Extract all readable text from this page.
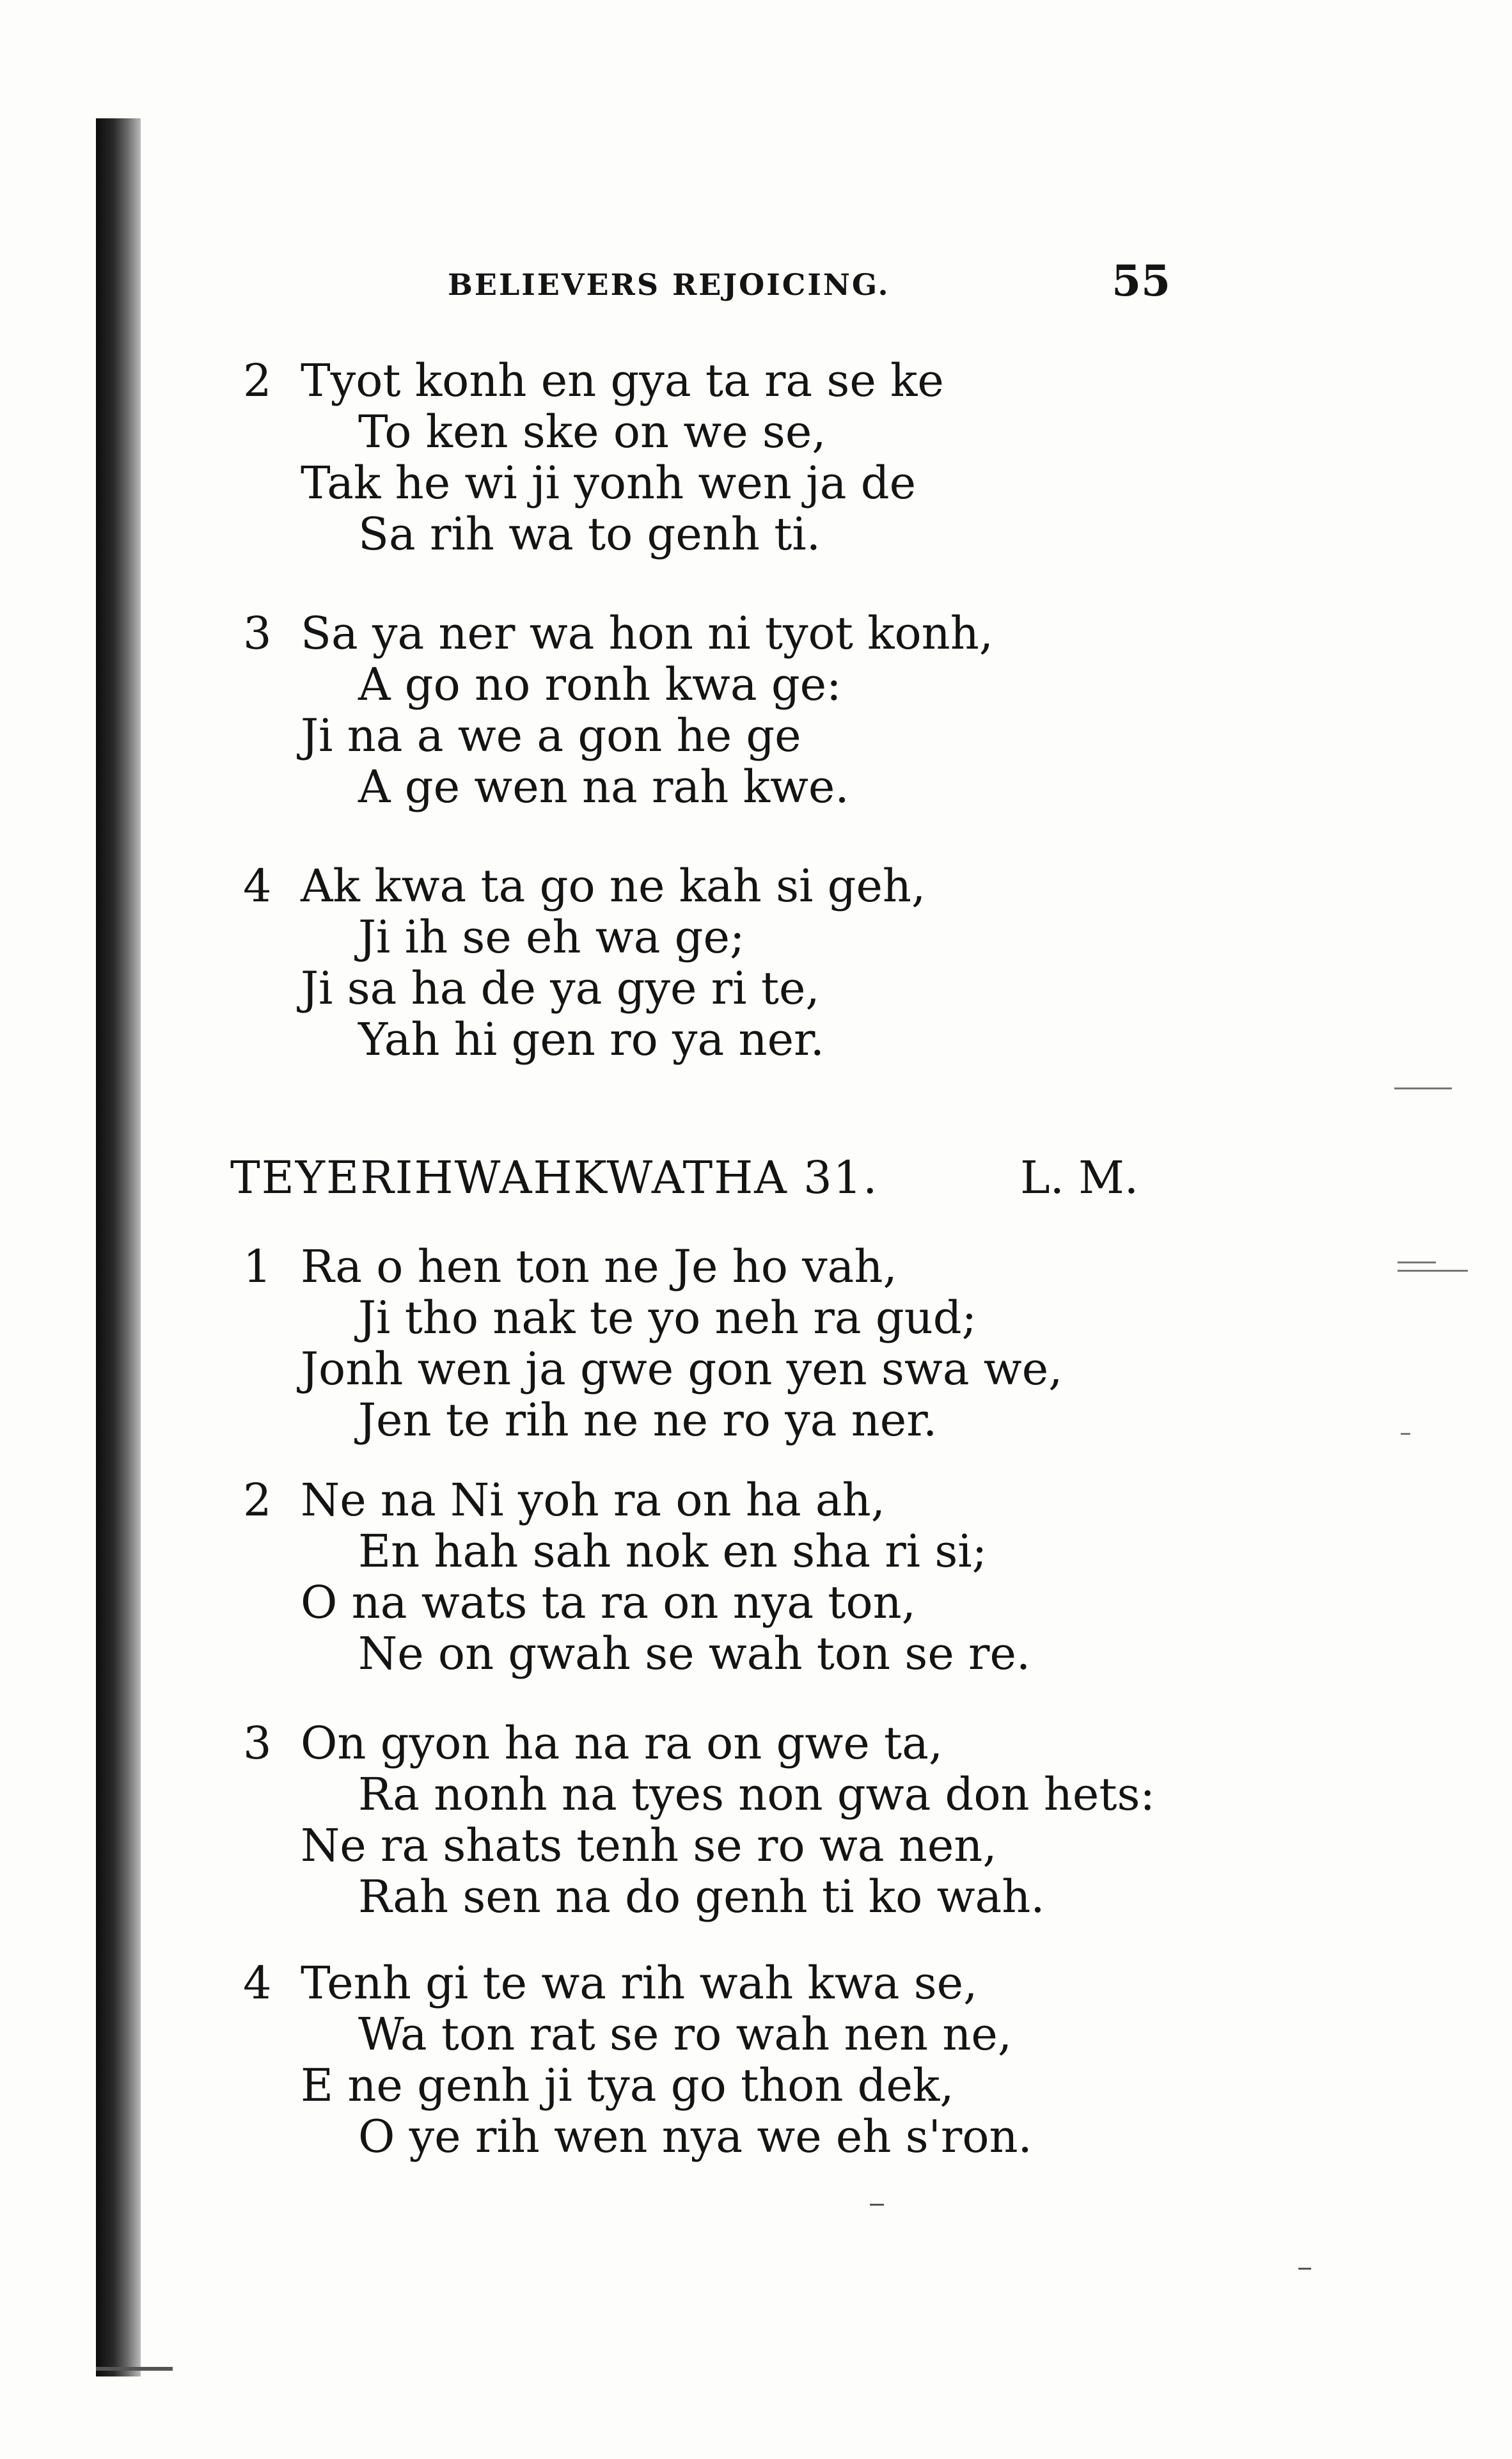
BELIEVERS REJOICING.	55
2 Tyot konh en gya ta ra se ke
To ken ske on we se,
Tak he wi ji yonh wen ja de
Sa rih wa to genh ti.
3 Sa ya ner wa hon ni tyot konh,
A go no ronh kwa ge:
Ji na a we a gon he ge
A ge wen na rah kwe.
4 Ak kwa ta go ne kah si geh,
Ji ih se eh wa ge;
Ji sa ha de ya gye ri te,
Yah hi gen ro ya ner.
TEYERIHWAHKWATHA 31.	L. M.
1 Ra o hen ton ne Je ho vah,
Ji tho nak te yo neh ra gud;
Jonh wen ja gwe gon yen swa we,
Jen te rih ne ne ro ya ner.
2 Ne na Ni yoh ra on ha ah,
En hah sah nok en sha ri si;
O na wats ta ra on nya ton,
Ne on gwah se wah ton se re.
3 On gyon ha na ra on gwe ta,
Ra nonh na tyes non gwa don hets:
Ne ra shats tenh se ro wa nen,
Rah sen na do genh ti ko wah.
4 Tenh gi te wa rih wah kwa se,
Wa ton rat se ro wah nen ne,
E ne genh ji tya go thon dek,
O ye rih wen nya we eh s'ron.
